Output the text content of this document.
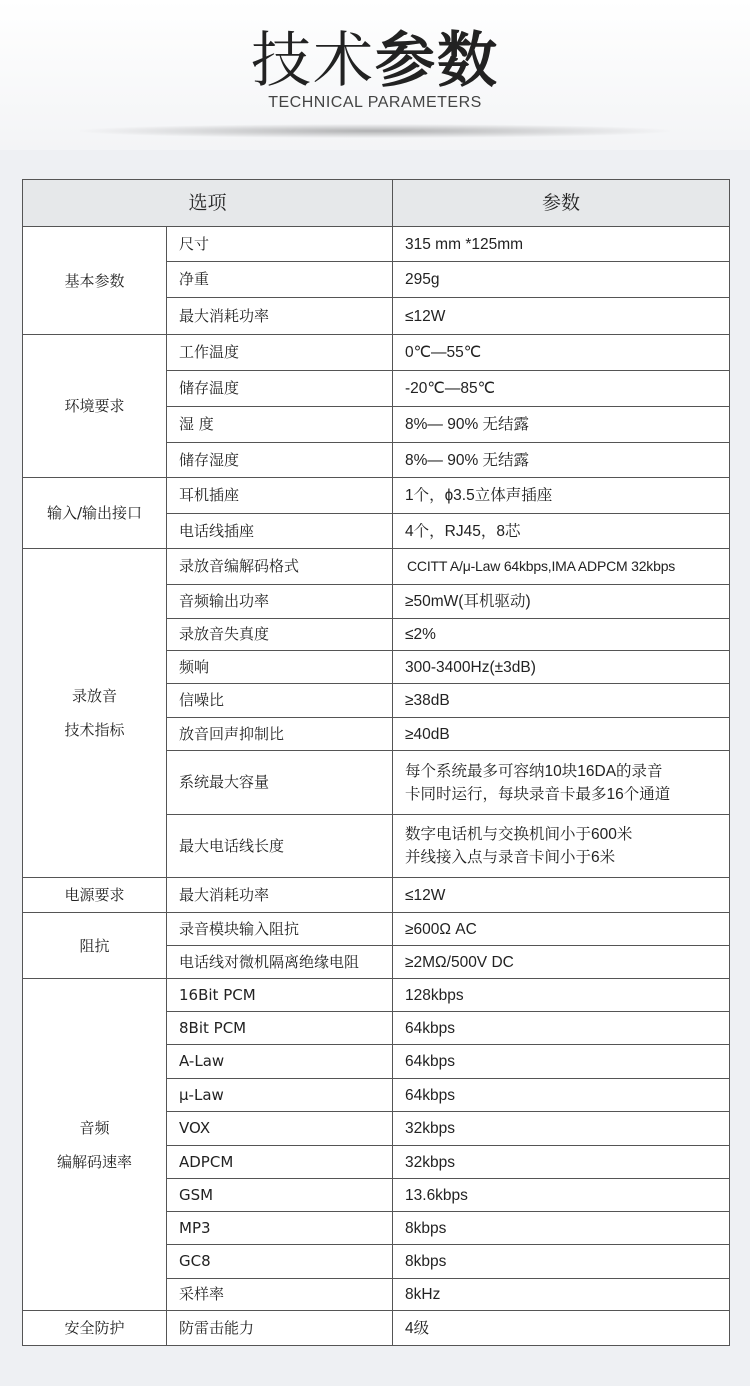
技术参数
TECHNICAL PARAMETERS
选项		参数

基本参数	尺寸	315 mm *125mm
	净重	295g
	最大消耗功率	≤12W

环境要求	工作温度	0℃—55℃
	储存温度	-20℃—85℃
	湿 度	8%— 90% 无结露
	储存湿度	8%— 90% 无结露

输入/输出接口	耳机插座	1个，ɸ3.5立体声插座
	电话线插座	4个，RJ45，8芯

录放音
技术指标	录放音编解码格式	CCITT A/μ-Law 64kbps,IMA ADPCM 32kbps
	音频输出功率	≥50mW(耳机驱动)
	录放音失真度	≤2%
	频响	300-3400Hz(±3dB)
	信噪比	≥38dB
	放音回声抑制比	≥40dB
	系统最大容量	每个系统最多可容纳10块16DA的录音
卡同时运行，每块录音卡最多16个通道

	最大电话线长度	数字电话机与交换机间小于600米
并线接入点与录音卡间小于6米

电源要求	最大消耗功率	≤12W

阻抗	录音模块输入阻抗	≥600Ω AC
	电话线对微机隔离绝缘电阻	≥2MΩ/500V DC

音频
编解码速率	16Bit PCM	128kbps
	8Bit PCM	64kbps
	A-Law	64kbps
	μ-Law	64kbps
	VOX	32kbps
	ADPCM	32kbps
	GSM	13.6kbps
	MP3	8kbps
	GC8	8kbps
	采样率	8kHz

安全防护	防雷击能力	4级
